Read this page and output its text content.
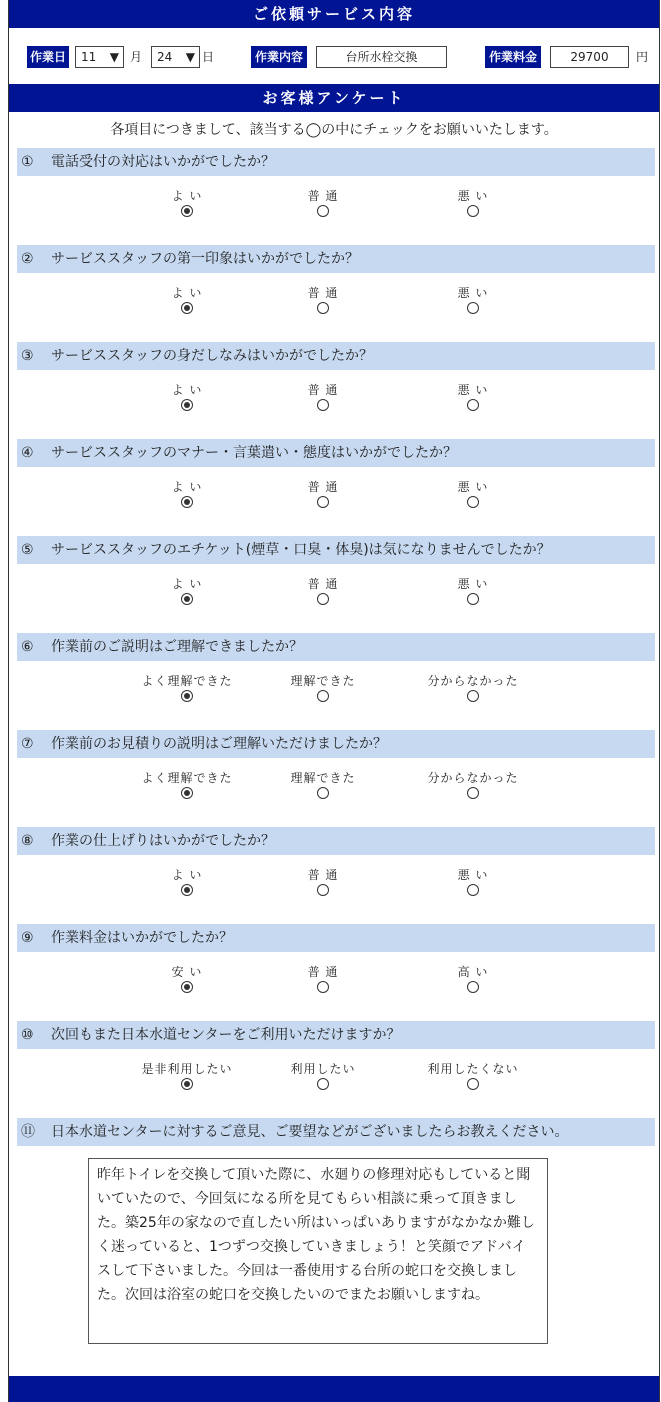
ご依頼サービス内容
作業日	11 ▼ 月	24 ▼ 日	作業内容	台所水栓交換	作業料金	29700	円
お客様アンケート
各項目につきまして、該当する◯の中にチェックをお願いいたします。
① 電話受付の対応はいかがでしたか？
よ い	普 通	悪 い
② サービススタッフの第一印象はいかがでしたか？
よ い	普 通	悪 い
③ サービススタッフの身だしなみはいかがでしたか？
よ い	普 通	悪 い
④ サービススタッフのマナー・言葉遣い・態度はいかがでしたか？
よ い	普 通	悪 い
⑤ サービススタッフのエチケット(煙草・口臭・体臭)は気になりませんでしたか？
よ い	普 通	悪 い
⑥ 作業前のご説明はご理解できましたか？
よく理解できた	理解できた	分からなかった
⑦ 作業前のお見積りの説明はご理解いただけましたか？
よく理解できた	理解できた	分からなかった
⑧ 作業の仕上げりはいかがでしたか？
よ い	普 通	悪 い
⑨ 作業料金はいかがでしたか？
安 い	普 通	高 い
⑩ 次回もまた日本水道センターをご利用いただけますか？
是非利用したい	利用したい	利用したくない
⑪ 日本水道センターに対するご意見、ご要望などがございましたらお教えください。
昨年トイレを交換して頂いた際に、水廻りの修理対応もしていると聞いていたので、今回気になる所を見てもらい相談に乗って頂きました。築25年の家なので直したい所はいっぱいありますがなかなか難しく迷っていると、1つずつ交換していきましょう！と笑顔でアドバイスして下さいました。今回は一番使用する台所の蛇口を交換しました。次回は浴室の蛇口を交換したいのでまたお願いしますね。
